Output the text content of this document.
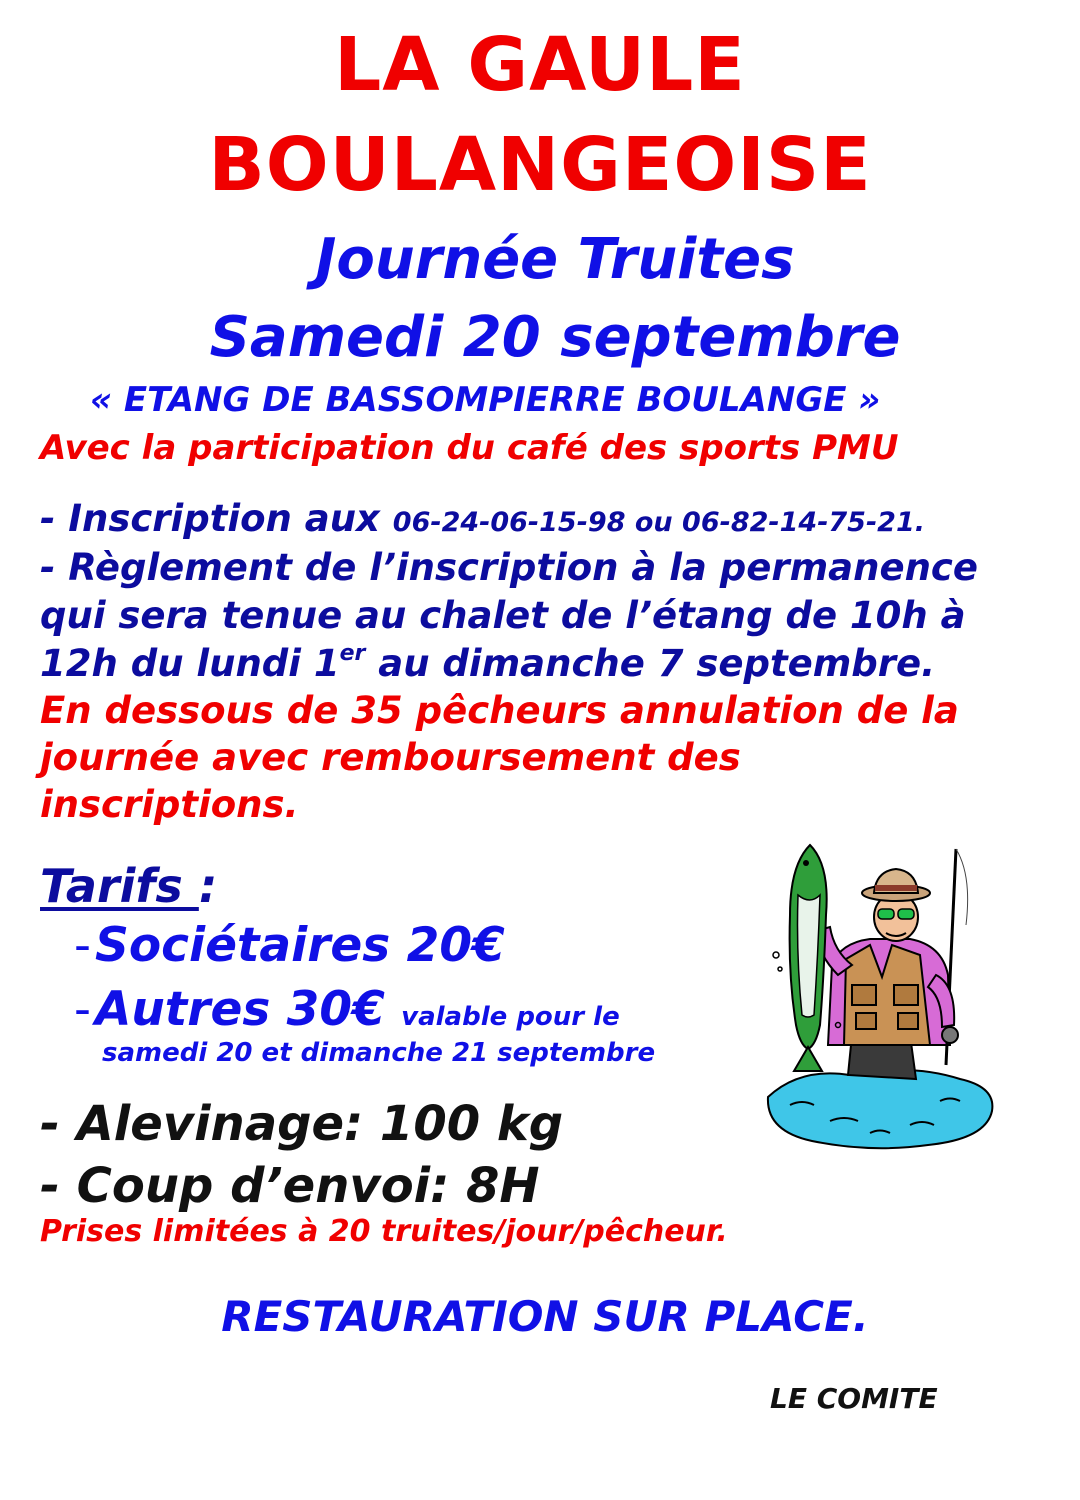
LA GAULE
BOULANGEOISE
Journée Truites
Samedi 20 septembre
« ETANG DE BASSOMPIERRE BOULANGE »
Avec la participation du café des sports PMU
- Inscription aux 06-24-06-15-98 ou 06-82-14-75-21.
- Règlement de l’inscription à la permanence
qui sera tenue au chalet de l’étang de 10h à
12h du lundi 1er au dimanche 7 septembre.
En dessous de 35 pêcheurs annulation de la
journée avec remboursement des
inscriptions.
Tarifs :
-Sociétaires 20€
-Autres 30€ valable pour le
samedi 20 et dimanche 21 septembre
- Alevinage: 100 kg
- Coup d’envoi: 8H
Prises limitées à 20 truites/jour/pêcheur.
RESTAURATION SUR PLACE.
LE COMITE
